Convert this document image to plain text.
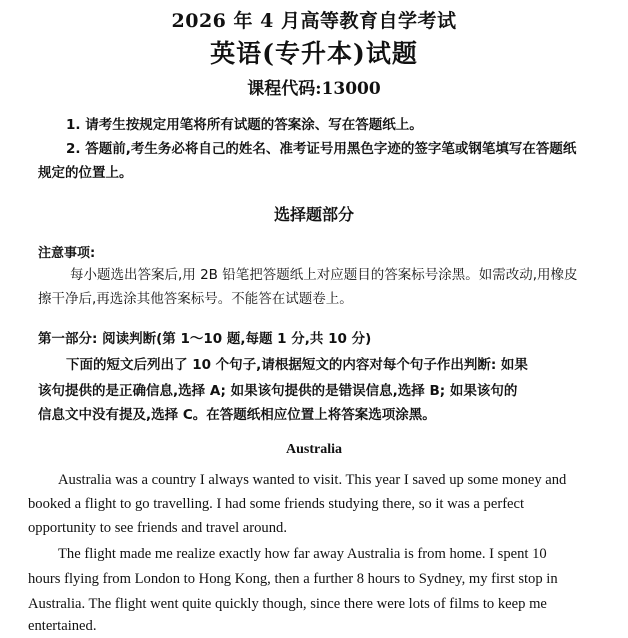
2026 年 4 月高等教育自学考试
英语(专升本)试题
课程代码:13000
1. 请考生按规定用笔将所有试题的答案涂、写在答题纸上。
2. 答题前,考生务必将自己的姓名、准考证号用黑色字迹的签字笔或钢笔填写在答题纸
规定的位置上。
选择题部分
注意事项:
每小题选出答案后,用 2B 铅笔把答题纸上对应题目的答案标号涂黑。如需改动,用橡皮
擦干净后,再选涂其他答案标号。不能答在试题卷上。
第一部分: 阅读判断(第 1～10 题,每题 1 分,共 10 分)
下面的短文后列出了 10 个句子,请根据短文的内容对每个句子作出判断: 如果
该句提供的是正确信息,选择 A; 如果该句提供的是错误信息,选择 B; 如果该句的
信息文中没有提及,选择 C。在答题纸相应位置上将答案选项涂黑。
Australia
Australia was a country I always wanted to visit. This year I saved up some money and
booked a flight to go travelling. I had some friends studying there, so it was a perfect
opportunity to see friends and travel around.
The flight made me realize exactly how far away Australia is from home. I spent 10
hours flying from London to Hong Kong, then a further 8 hours to Sydney, my first stop in
Australia. The flight went quite quickly though, since there were lots of films to keep me
entertained.
